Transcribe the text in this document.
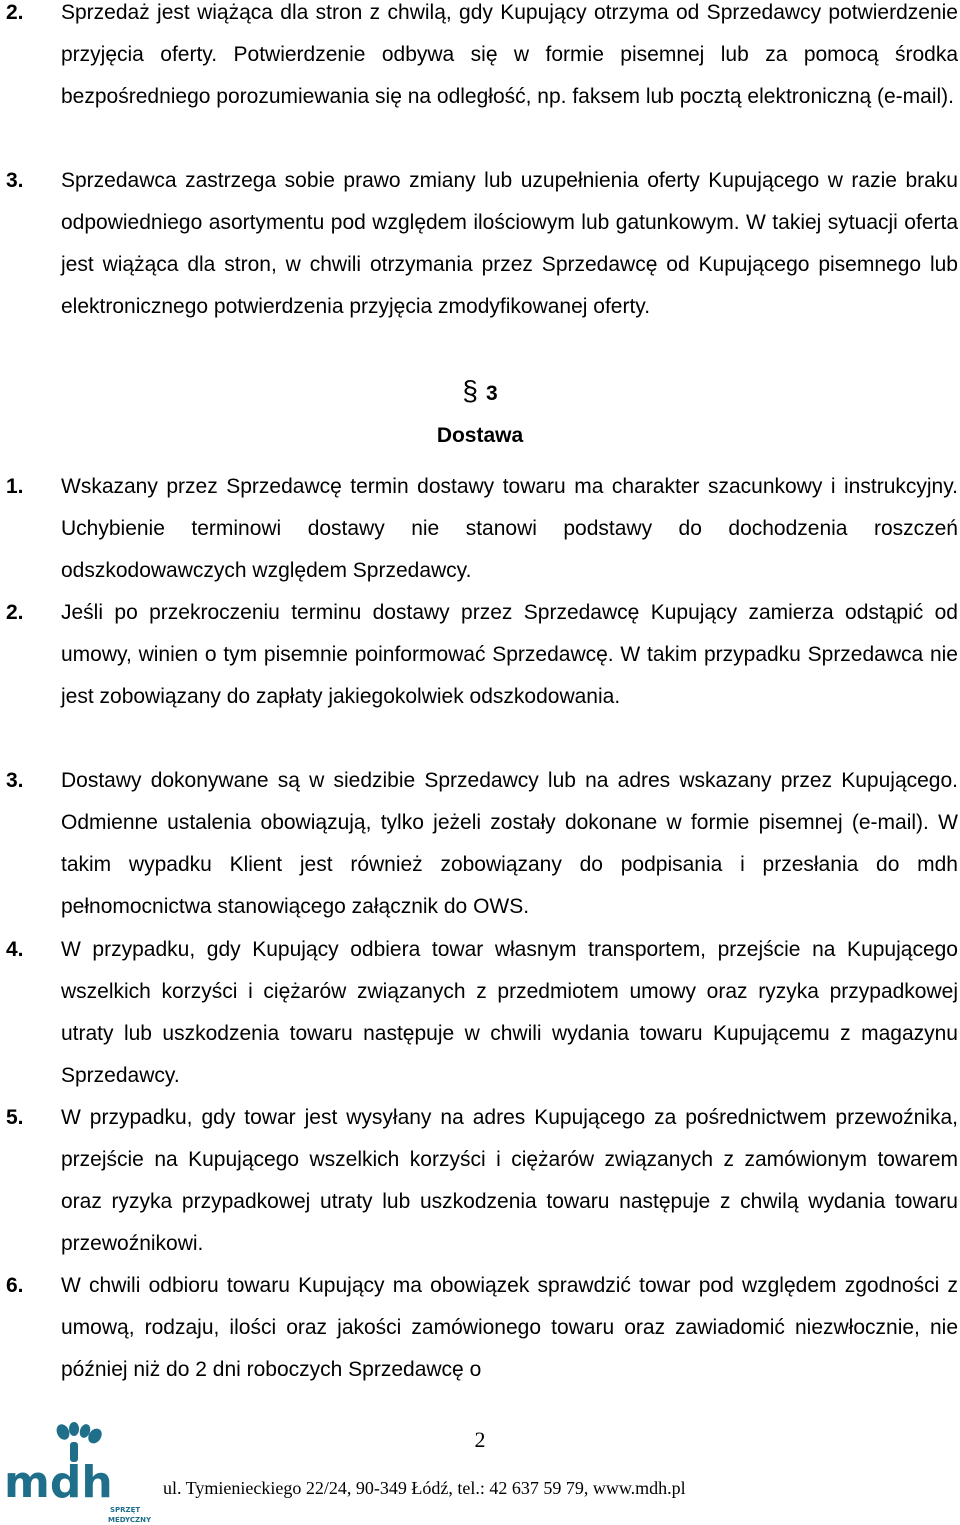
2. Sprzedaż jest wiążąca dla stron z chwilą, gdy Kupujący otrzyma od Sprzedawcy potwierdzenie przyjęcia oferty. Potwierdzenie odbywa się w formie pisemnej lub za pomocą środka bezpośredniego porozumiewania się na odległość, np. faksem lub pocztą elektroniczną (e-mail).
3. Sprzedawca zastrzega sobie prawo zmiany lub uzupełnienia oferty Kupującego w razie braku odpowiedniego asortymentu pod względem ilościowym lub gatunkowym. W takiej sytuacji oferta jest wiążąca dla stron, w chwili otrzymania przez Sprzedawcę od Kupującego pisemnego lub elektronicznego potwierdzenia przyjęcia zmodyfikowanej oferty.
§ 3
Dostawa
1. Wskazany przez Sprzedawcę termin dostawy towaru ma charakter szacunkowy i instrukcyjny. Uchybienie terminowi dostawy nie stanowi podstawy do dochodzenia roszczeń odszkodowawczych względem Sprzedawcy.
2. Jeśli po przekroczeniu terminu dostawy przez Sprzedawcę Kupujący zamierza odstąpić od umowy, winien o tym pisemnie poinformować Sprzedawcę. W takim przypadku Sprzedawca nie jest zobowiązany do zapłaty jakiegokolwiek odszkodowania.
3. Dostawy dokonywane są w siedzibie Sprzedawcy lub na adres wskazany przez Kupującego. Odmienne ustalenia obowiązują, tylko jeżeli zostały dokonane w formie pisemnej (e-mail). W takim wypadku Klient jest również zobowiązany do podpisania i przesłania do mdh pełnomocnictwa stanowiącego załącznik do OWS.
4. W przypadku, gdy Kupujący odbiera towar własnym transportem, przejście na Kupującego wszelkich korzyści i ciężarów związanych z przedmiotem umowy oraz ryzyka przypadkowej utraty lub uszkodzenia towaru następuje w chwili wydania towaru Kupującemu z magazynu Sprzedawcy.
5. W przypadku, gdy towar jest wysyłany na adres Kupującego za pośrednictwem przewoźnika, przejście na Kupującego wszelkich korzyści i ciężarów związanych z zamówionym towarem oraz ryzyka przypadkowej utraty lub uszkodzenia towaru następuje z chwilą wydania towaru przewoźnikowi.
6. W chwili odbioru towaru Kupujący ma obowiązek sprawdzić towar pod względem zgodności z umową, rodzaju, ilości oraz jakości zamówionego towaru oraz zawiadomić niezwłocznie, nie później niż do 2 dni roboczych Sprzedawcę o
2
mdh
SPRZĘT
MEDYCZNY
ul. Tymienieckiego 22/24, 90-349 Łódź, tel.: 42 637 59 79, www.mdh.pl
